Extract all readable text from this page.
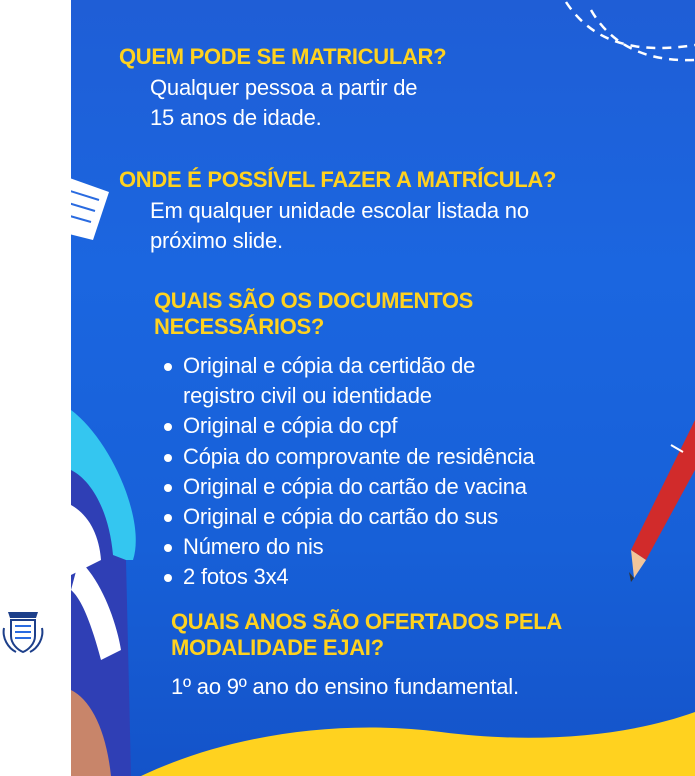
QUEM PODE SE MATRICULAR?
Qualquer pessoa a partir de
15 anos de idade.
ONDE É POSSÍVEL FAZER A MATRÍCULA?
Em qualquer unidade escolar listada no
próximo slide.
QUAIS SÃO OS DOCUMENTOS
NECESSÁRIOS?
Original e cópia da certidão de
registro civil ou identidade
Original e cópia do cpf
Cópia do comprovante de residência
Original e cópia do cartão de vacina
Original e cópia do cartão do sus
Número do nis
2 fotos 3x4
QUAIS ANOS SÃO OFERTADOS PELA
MODALIDADE EJAI?
1º ao 9º ano do ensino fundamental.
